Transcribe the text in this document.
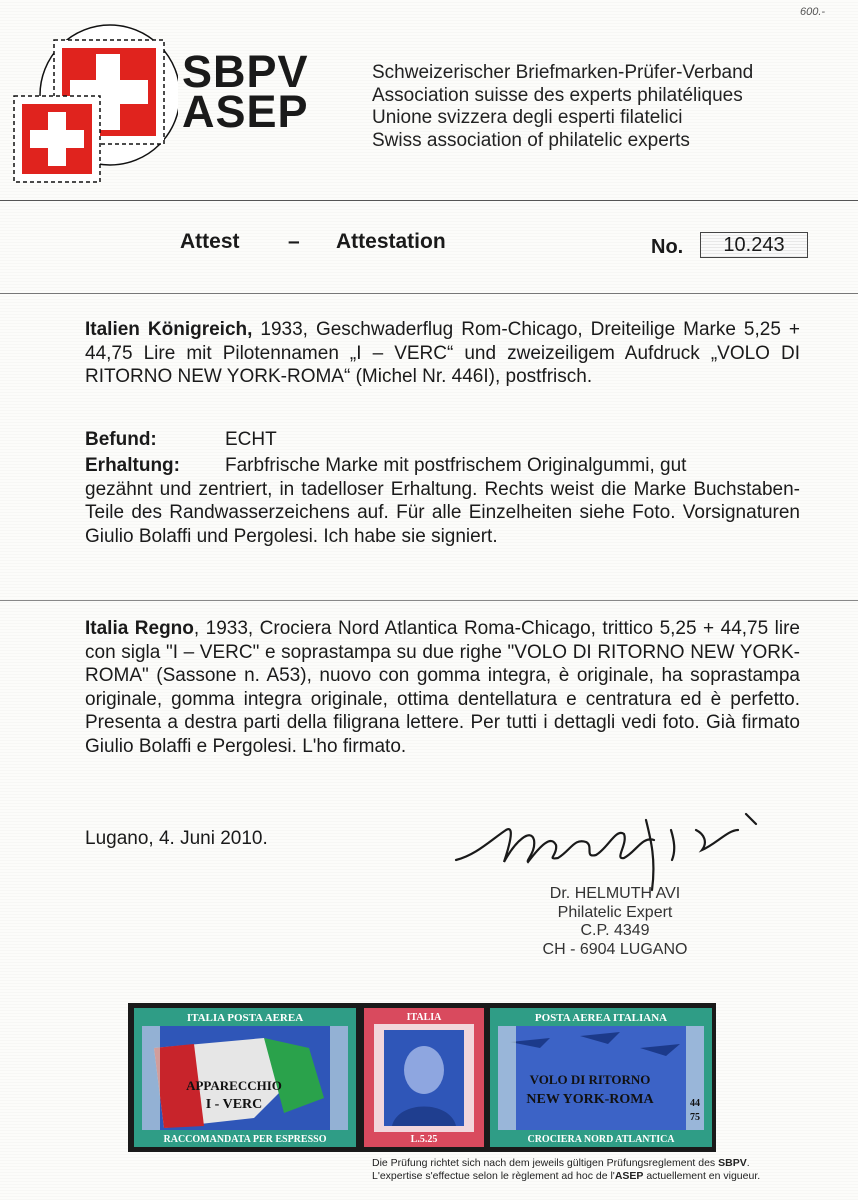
SBPV
ASEP
Schweizerischer Briefmarken-Prüfer-Verband
Association suisse des experts philatéliques
Unione svizzera degli esperti filatelici
Swiss association of philatelic experts
600.-
Attest – Attestation	No.	10.243
Italien Königreich, 1933, Geschwaderflug Rom-Chicago, Dreiteilige Marke 5,25 + 44,75 Lire mit Pilotennamen „I – VERC“ und zweizeiligem Aufdruck „VOLO DI RITORNO NEW YORK-ROMA“ (Michel Nr. 446I), postfrisch.
Befund:	ECHT
Erhaltung:	Farbfrische Marke mit postfrischem Originalgummi, gut
gezähnt und zentriert, in tadelloser Erhaltung. Rechts weist die Marke Buchstaben-Teile des Randwasserzeichens auf. Für alle Einzelheiten siehe Foto. Vorsignaturen Giulio Bolaffi und Pergolesi. Ich habe sie signiert.
Italia Regno, 1933, Crociera Nord Atlantica Roma-Chicago, trittico 5,25 + 44,75 lire con sigla "I – VERC" e soprastampa su due righe "VOLO DI RITORNO NEW YORK-ROMA" (Sassone n. A53), nuovo con gomma integra, è originale, ha soprastampa originale, gomma integra originale, ottima dentellatura e centratura ed è perfetto. Presenta a destra parti della filigrana lettere. Per tutti i dettagli vedi foto. Già firmato Giulio Bolaffi e Pergolesi. L'ho firmato.
Lugano, 4. Juni 2010.
Dr. HELMUTH AVI
Philatelic Expert
C.P. 4349
CH - 6904 LUGANO
ITALIA POSTA AEREA
APPARECCHIO
I - VERC
RACCOMANDATA PER ESPRESSO
ITALIA
L.5.25
POSTA AEREA ITALIANA
VOLO DI RITORNO
NEW YORK-ROMA	44
75
CROCIERA NORD ATLANTICA
Die Prüfung richtet sich nach dem jeweils gültigen Prüfungsreglement des SBPV.
L'expertise s'effectue selon le règlement ad hoc de l'ASEP actuellement en vigueur.
